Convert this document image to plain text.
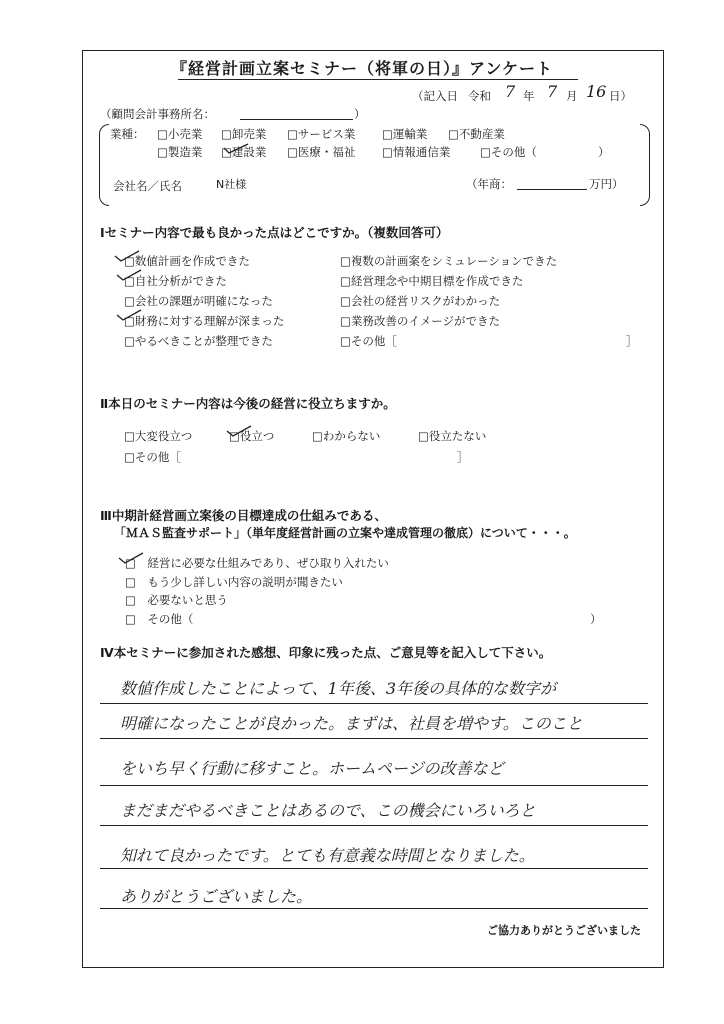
『経営計画立案セミナー（将軍の日）』アンケート
（記入日 令和 7 年 7 月 16 日）
（顧問会計事務所名：	）
業種： □小売業 □卸売業 □サービス業 □運輸業 □不動産業
□製造業 □建設業 □医療・福祉 □情報通信業	□その他（	）
会社名／氏名	N社様	（年商：	万円）
Ⅰセミナー内容で最も良かった点はどこですか。（複数回答可）
□数値計画を作成できた
□自社分析ができた
□会社の課題が明確になった
□財務に対する理解が深まった
□やるべきことが整理できた
□複数の計画案をシミュレーションできた
□経営理念や中期目標を作成できた
□会社の経営リスクがわかった
□業務改善のイメージができた
□その他［	］
Ⅱ本日のセミナー内容は今後の経営に役立ちますか。
□大変役立つ	□役立つ	□わからない	□役立たない
□その他［	］
Ⅲ中期計経営画立案後の目標達成の仕組みである、
「ＭＡＳ監査サポート」（単年度経営計画の立案や達成管理の徹底）について・・・。
□　経営に必要な仕組みであり、ぜひ取り入れたい
□　もう少し詳しい内容の説明が聞きたい
□　必要ないと思う
□　その他（	）
Ⅳ本セミナーに参加された感想、印象に残った点、ご意見等を記入して下さい。
数値作成したことによって、1年後、3年後の具体的な数字が
明確になったことが良かった。まずは、社員を増やす。このこと
をいち早く行動に移すこと。ホームページの改善など
まだまだやるべきことはあるので、この機会にいろいろと
知れて良かったです。とても有意義な時間となりました。
ありがとうございました。
ご協力ありがとうございました
